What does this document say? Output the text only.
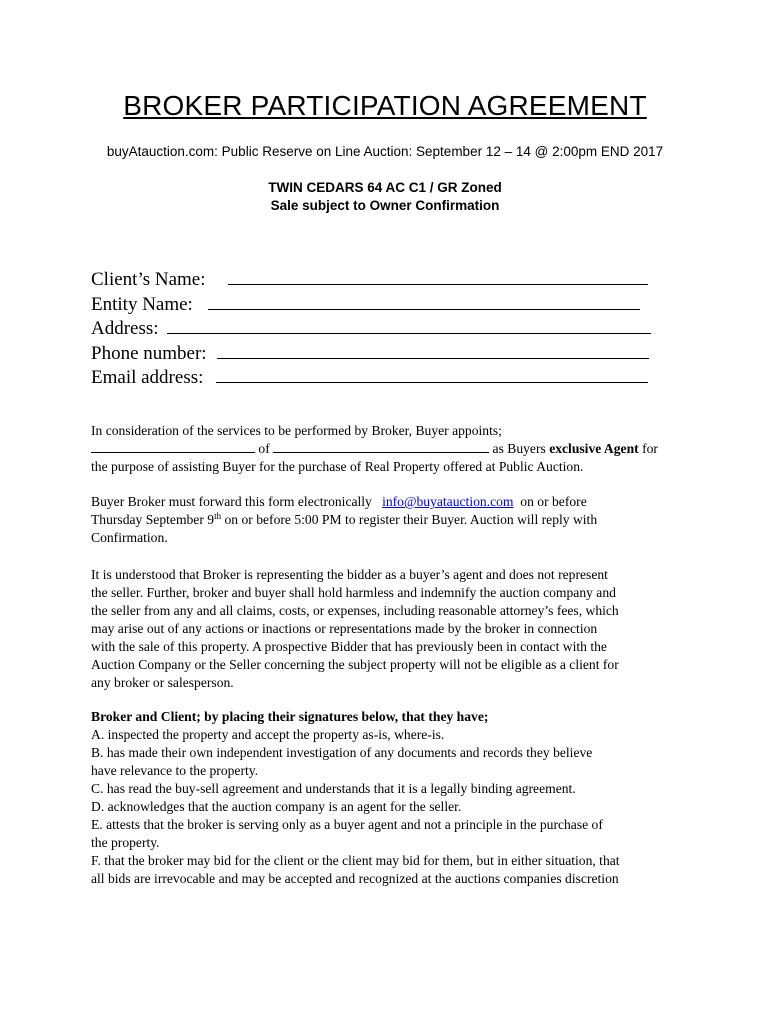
BROKER PARTICIPATION AGREEMENT
buyAtauction.com: Public Reserve on Line Auction: September 12 – 14 @ 2:00pm END 2017
TWIN CEDARS 64 AC C1 / GR Zoned
Sale subject to Owner Confirmation
Client’s Name:
Entity Name:
Address:
Phone number:
Email address:
In consideration of the services to be performed by Broker, Buyer appoints;
of	as Buyers exclusive Agent for
the purpose of assisting Buyer for the purchase of Real Property offered at Public Auction.
Buyer Broker must forward this form electronically info@buyatauction.com on or before
Thursday September 9th on or before 5:00 PM to register their Buyer. Auction will reply with
Confirmation.
It is understood that Broker is representing the bidder as a buyer’s agent and does not represent
the seller. Further, broker and buyer shall hold harmless and indemnify the auction company and
the seller from any and all claims, costs, or expenses, including reasonable attorney’s fees, which
may arise out of any actions or inactions or representations made by the broker in connection
with the sale of this property. A prospective Bidder that has previously been in contact with the
Auction Company or the Seller concerning the subject property will not be eligible as a client for
any broker or salesperson.
Broker and Client; by placing their signatures below, that they have;
A. inspected the property and accept the property as-is, where-is.
B. has made their own independent investigation of any documents and records they believe
have relevance to the property.
C. has read the buy-sell agreement and understands that it is a legally binding agreement.
D. acknowledges that the auction company is an agent for the seller.
E. attests that the broker is serving only as a buyer agent and not a principle in the purchase of
the property.
F. that the broker may bid for the client or the client may bid for them, but in either situation, that
all bids are irrevocable and may be accepted and recognized at the auctions companies discretion
